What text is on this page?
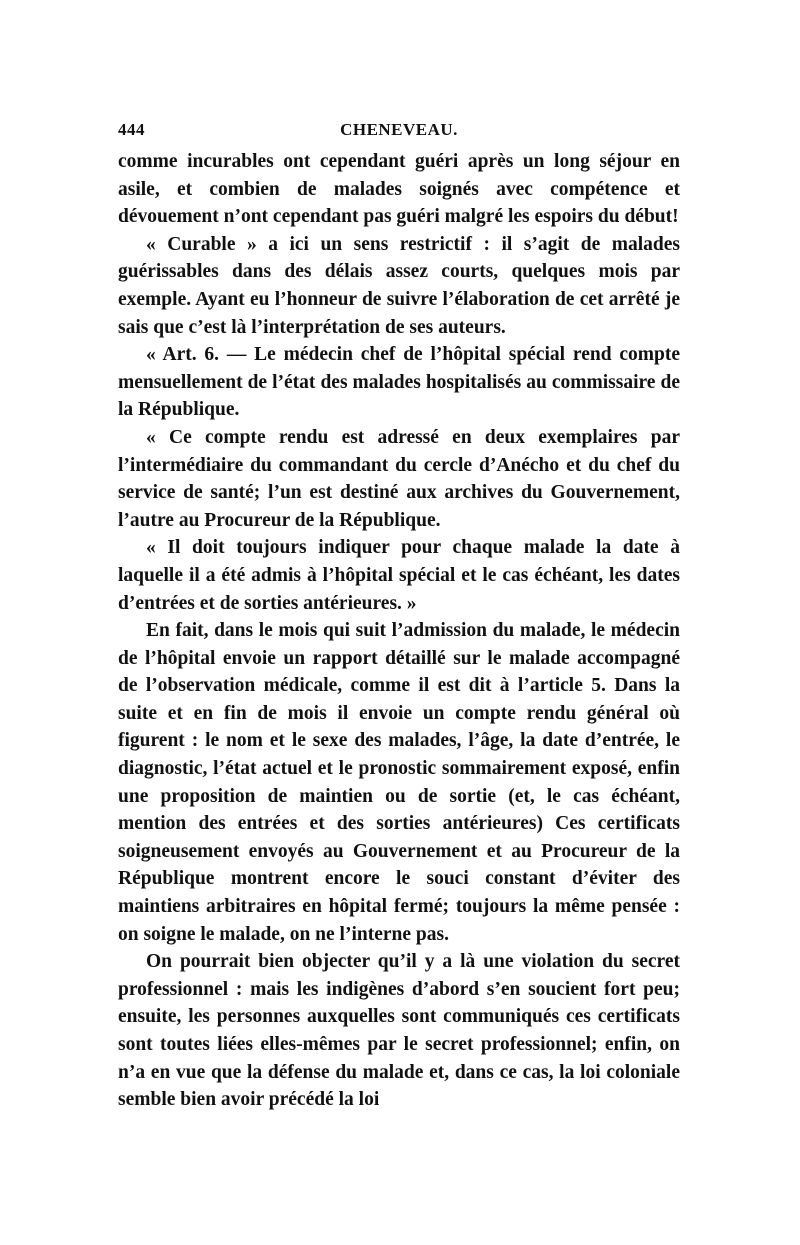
444	CHENEVEAU.

comme incurables ont cependant guéri après un long séjour en asile, et combien de malades soignés avec compétence et dévouement n’ont cependant pas guéri malgré les espoirs du début!

« Curable » a ici un sens restrictif : il s’agit de malades guérissables dans des délais assez courts, quelques mois par exemple. Ayant eu l’honneur de suivre l’élaboration de cet arrêté je sais que c’est là l’interprétation de ses auteurs.

« Art. 6. — Le médecin chef de l’hôpital spécial rend compte mensuellement de l’état des malades hospitalisés au commissaire de la République.

« Ce compte rendu est adressé en deux exemplaires par l’intermédiaire du commandant du cercle d’Anécho et du chef du service de santé; l’un est destiné aux archives du Gouvernement, l’autre au Procureur de la République.

« Il doit toujours indiquer pour chaque malade la date à laquelle il a été admis à l’hôpital spécial et le cas échéant, les dates d’entrées et de sorties antérieures. »

En fait, dans le mois qui suit l’admission du malade, le médecin de l’hôpital envoie un rapport détaillé sur le malade accompagné de l’observation médicale, comme il est dit à l’article 5. Dans la suite et en fin de mois il envoie un compte rendu général où figurent : le nom et le sexe des malades, l’âge, la date d’entrée, le diagnostic, l’état actuel et le pronostic sommairement exposé, enfin une proposition de maintien ou de sortie (et, le cas échéant, mention des entrées et des sorties antérieures) Ces certificats soigneusement envoyés au Gouvernement et au Procureur de la République montrent encore le souci constant d’éviter des maintiens arbitraires en hôpital fermé; toujours la même pensée : on soigne le malade, on ne l’interne pas.

On pourrait bien objecter qu’il y a là une violation du secret professionnel : mais les indigènes d’abord s’en soucient fort peu; ensuite, les personnes auxquelles sont communiqués ces certificats sont toutes liées elles-mêmes par le secret professionnel; enfin, on n’a en vue que la défense du malade et, dans ce cas, la loi coloniale semble bien avoir précédé la loi
